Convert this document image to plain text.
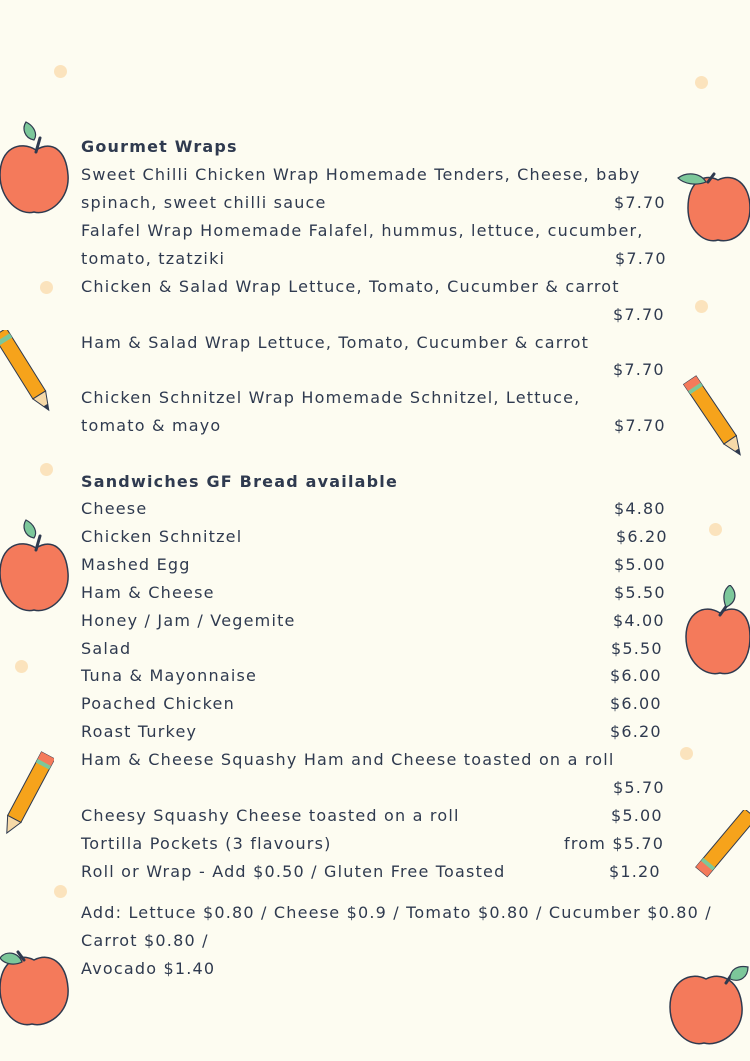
Gourmet Wraps
Sweet Chilli Chicken Wrap Homemade Tenders, Cheese, baby
spinach, sweet chilli sauce	$7.70
Falafel Wrap Homemade Falafel, hummus, lettuce, cucumber,
tomato, tzatziki	$7.70
Chicken & Salad Wrap Lettuce, Tomato, Cucumber & carrot
$7.70
Ham & Salad Wrap Lettuce, Tomato, Cucumber & carrot
$7.70
Chicken Schnitzel Wrap Homemade Schnitzel, Lettuce,
tomato & mayo	$7.70
Sandwiches GF Bread available
Cheese	$4.80
Chicken Schnitzel	$6.20
Mashed Egg	$5.00
Ham & Cheese	$5.50
Honey / Jam / Vegemite	$4.00
Salad	$5.50
Tuna & Mayonnaise	$6.00
Poached Chicken	$6.00
Roast Turkey	$6.20
Ham & Cheese Squashy Ham and Cheese toasted on a roll
$5.70
Cheesy Squashy Cheese toasted on a roll	$5.00
Tortilla Pockets (3 flavours)	from $5.70
Roll or Wrap - Add $0.50 / Gluten Free Toasted	$1.20
Add: Lettuce $0.80 / Cheese $0.9 / Tomato $0.80 / Cucumber $0.80 /
Carrot $0.80 /
Avocado $1.40
